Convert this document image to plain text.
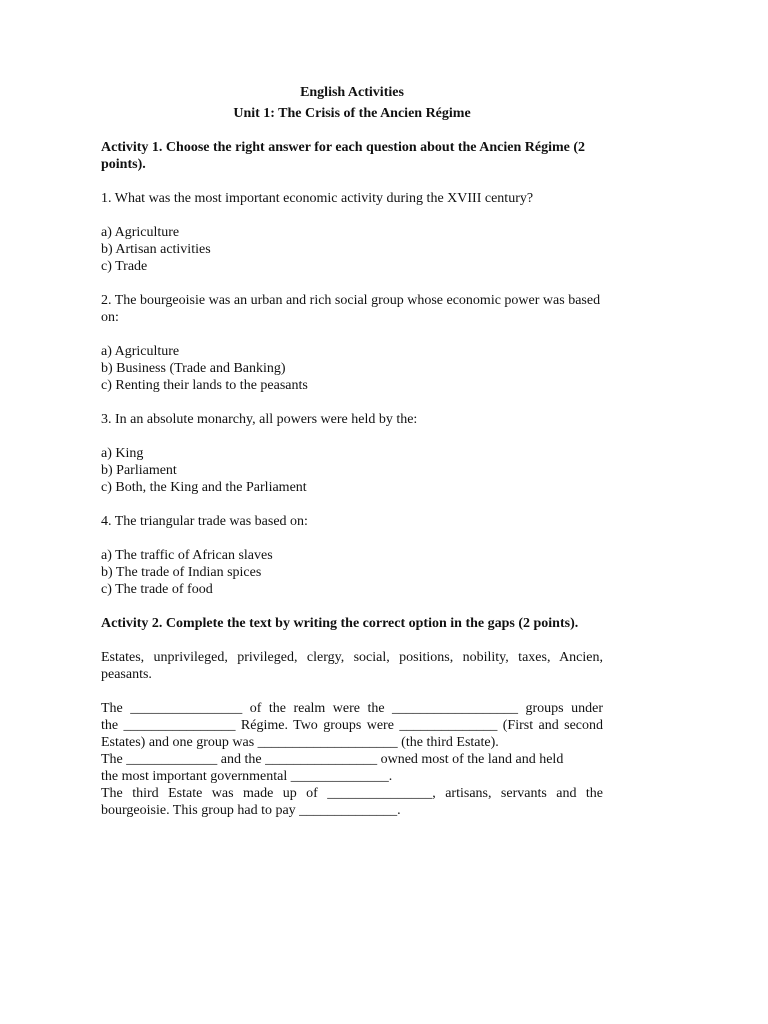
English Activities

Unit 1: The Crisis of the Ancien Régime

Activity 1. Choose the right answer for each question about the Ancien Régime (2
points).

1. What was the most important economic activity during the XVIII century?

a) Agriculture

b) Artisan activities

c) Trade

2. The bourgeoisie was an urban and rich social group whose economic power was based

on:

a) Agriculture

b) Business (Trade and Banking)

c) Renting their lands to the peasants

3. In an absolute monarchy, all powers were held by the:

a) King

b) Parliament

c) Both, the King and the Parliament

4. The triangular trade was based on:

a) The traffic of African slaves

b) The trade of Indian spices

c) The trade of food

Activity 2. Complete the text by writing the correct option in the gaps (2 points).

Estates, unprivileged, privileged, clergy, social, positions, nobility, taxes, Ancien,
peasants.

The ________________ of the realm were the __________________ groups under

the ________________ Régime. Two groups were ______________ (First and second

Estates) and one group was ____________________ (the third Estate).

The _____________ and the ________________ owned most of the land and held

the most important governmental ______________.

The third Estate was made up of _______________, artisans, servants and the

bourgeoisie. This group had to pay ______________.
